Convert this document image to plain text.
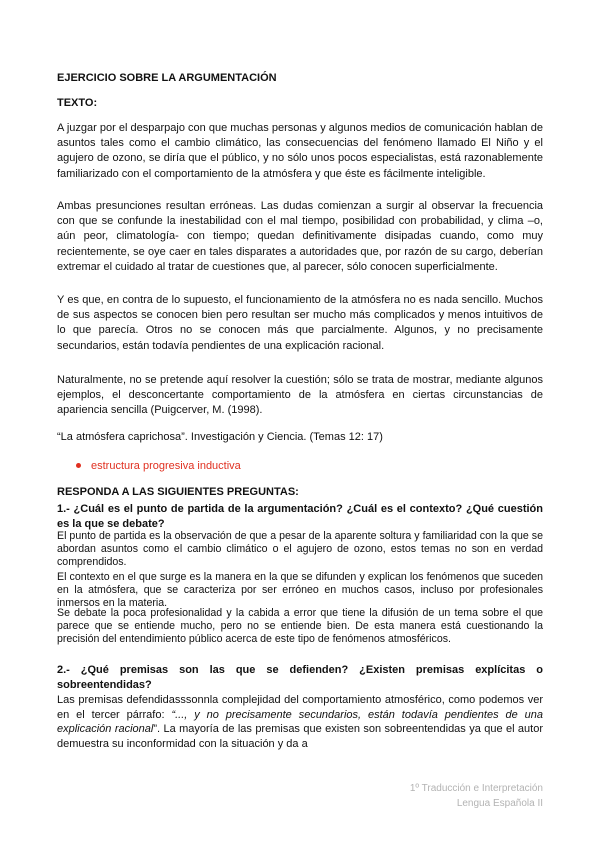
EJERCICIO SOBRE LA ARGUMENTACIÓN
TEXTO:

A juzgar por el desparpajo con que muchas personas y algunos medios de comunicación hablan de asuntos tales como el cambio climático, las consecuencias del fenómeno llamado El Niño y el agujero de ozono, se diría que el público, y no sólo unos pocos especialistas, está razonablemente familiarizado con el comportamiento de la atmósfera y que éste es fácilmente inteligible.

Ambas presunciones resultan erróneas. Las dudas comienzan a surgir al observar la frecuencia con que se confunde la inestabilidad con el mal tiempo, posibilidad con probabilidad, y clima –o, aún peor, climatología- con tiempo; quedan definitivamente disipadas cuando, como muy recientemente, se oye caer en tales disparates a autoridades que, por razón de su cargo, deberían extremar el cuidado al tratar de cuestiones que, al parecer, sólo conocen superficialmente.

Y es que, en contra de lo supuesto, el funcionamiento de la atmósfera no es nada sencillo. Muchos de sus aspectos se conocen bien pero resultan ser mucho más complicados y menos intuitivos de lo que parecía. Otros no se conocen más que parcialmente. Algunos, y no precisamente secundarios, están todavía pendientes de una explicación racional.

Naturalmente, no se pretende aquí resolver la cuestión; sólo se trata de mostrar, mediante algunos ejemplos, el desconcertante comportamiento de la atmósfera en ciertas circunstancias de apariencia sencilla (Puigcerver, M. (1998).

“La atmósfera caprichosa”. Investigación y Ciencia. (Temas 12: 17)
estructura progresiva inductiva
RESPONDA A LAS SIGUIENTES PREGUNTAS:

1.- ¿Cuál es el punto de partida de la argumentación? ¿Cuál es el contexto? ¿Qué cuestión es la que se debate?

El punto de partida es la observación de que a pesar de la aparente soltura y familiaridad con la que se abordan asuntos como el cambio climático o el agujero de ozono, estos temas no son en verdad comprendidos.

El contexto en el que surge es la manera en la que se difunden y explican los fenómenos que suceden en la atmósfera, que se caracteriza por ser erróneo en muchos casos, incluso por profesionales inmersos en la materia.

Se debate la poca profesionalidad y la cabida a error que tiene la difusión de un tema sobre el que parece que se entiende mucho, pero no se entiende bien. De esta manera está cuestionando la precisión del entendimiento público acerca de este tipo de fenómenos atmosféricos.

2.- ¿Qué premisas son las que se defienden? ¿Existen premisas explícitas o sobreentendidas?

Las premisas defendidasssonnla complejidad del comportamiento atmosférico, como podemos ver en el tercer párrafo: “..., y no precisamente secundarios, están todavía pendientes de una explicación racional”. La mayoría de las premisas que existen son sobreentendidas ya que el autor demuestra su inconformidad con la situación y da a

1º Traducción e Interpretación
Lengua Española II
